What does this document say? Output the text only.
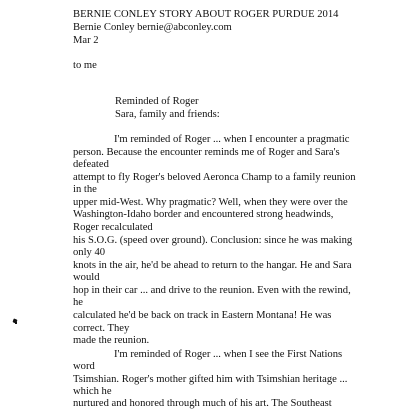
BERNIE CONLEY STORY ABOUT ROGER PURDUE 2014
Bernie Conley bernie@abconley.com
Mar 2
to me
Reminded of Roger
Sara, family and friends:
I'm reminded of Roger ... when I encounter a pragmatic
person. Because the encounter reminds me of Roger and Sara's
defeated
attempt to fly Roger's beloved Aeronca Champ to a family reunion
in the
upper mid-West. Why pragmatic? Well, when they were over the
Washington-Idaho border and encountered strong headwinds,
Roger recalculated
his S.O.G. (speed over ground). Conclusion: since he was making
only 40
knots in the air, he'd be ahead to return to the hangar. He and Sara
would
hop in their car ... and drive to the reunion. Even with the rewind,
he
calculated he'd be back on track in Eastern Montana! He was
correct. They
made the reunion.
I'm reminded of Roger ... when I see the First Nations
word
Tsimshian. Roger's mother gifted him with Tsimshian heritage ...
which he
nurtured and honored through much of his art. The Southeast
